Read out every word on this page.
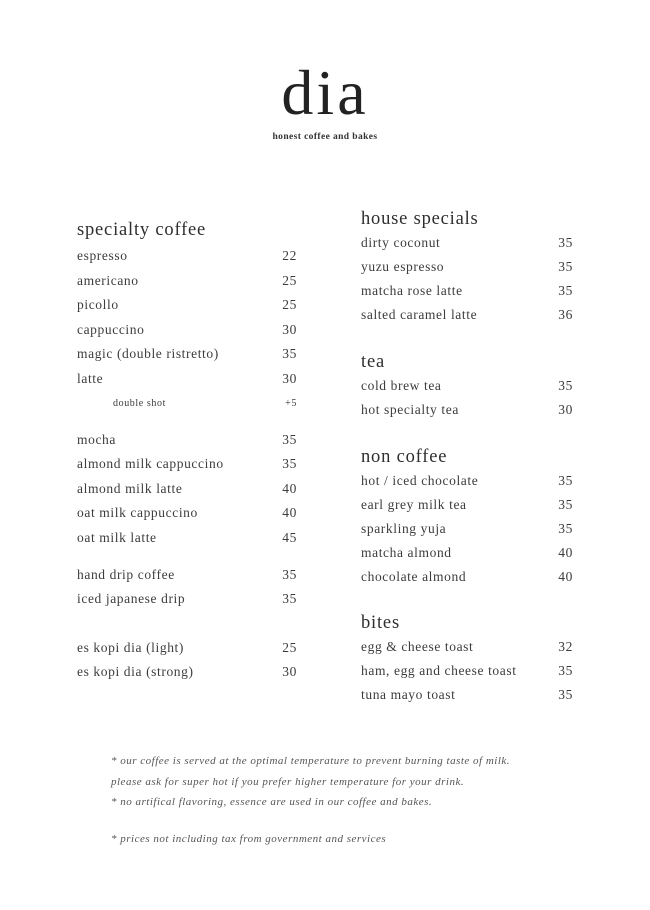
dia
honest coffee and bakes
specialty coffee
espresso	22
americano	25
picollo	25
cappuccino	30
magic (double ristretto)	35
latte	30
double shot	+5
mocha	35
almond milk cappuccino	35
almond milk latte	40
oat milk cappuccino	40
oat milk latte	45
hand drip coffee	35
iced japanese drip	35
es kopi dia (light)	25
es kopi dia (strong)	30
house specials
dirty coconut	35
yuzu espresso	35
matcha rose latte	35
salted caramel latte	36
tea
cold brew tea	35
hot specialty tea	30
non coffee
hot / iced chocolate	35
earl grey milk tea	35
sparkling yuja	35
matcha almond	40
chocolate almond	40
bites
egg & cheese toast	32
ham, egg and cheese toast	35
tuna mayo toast	35
* our coffee is served at the optimal temperature to prevent burning taste of milk.
please ask for super hot if you prefer higher temperature for your drink.
* no artifical flavoring, essence are used in our coffee and bakes.
* prices not including tax from government and services
